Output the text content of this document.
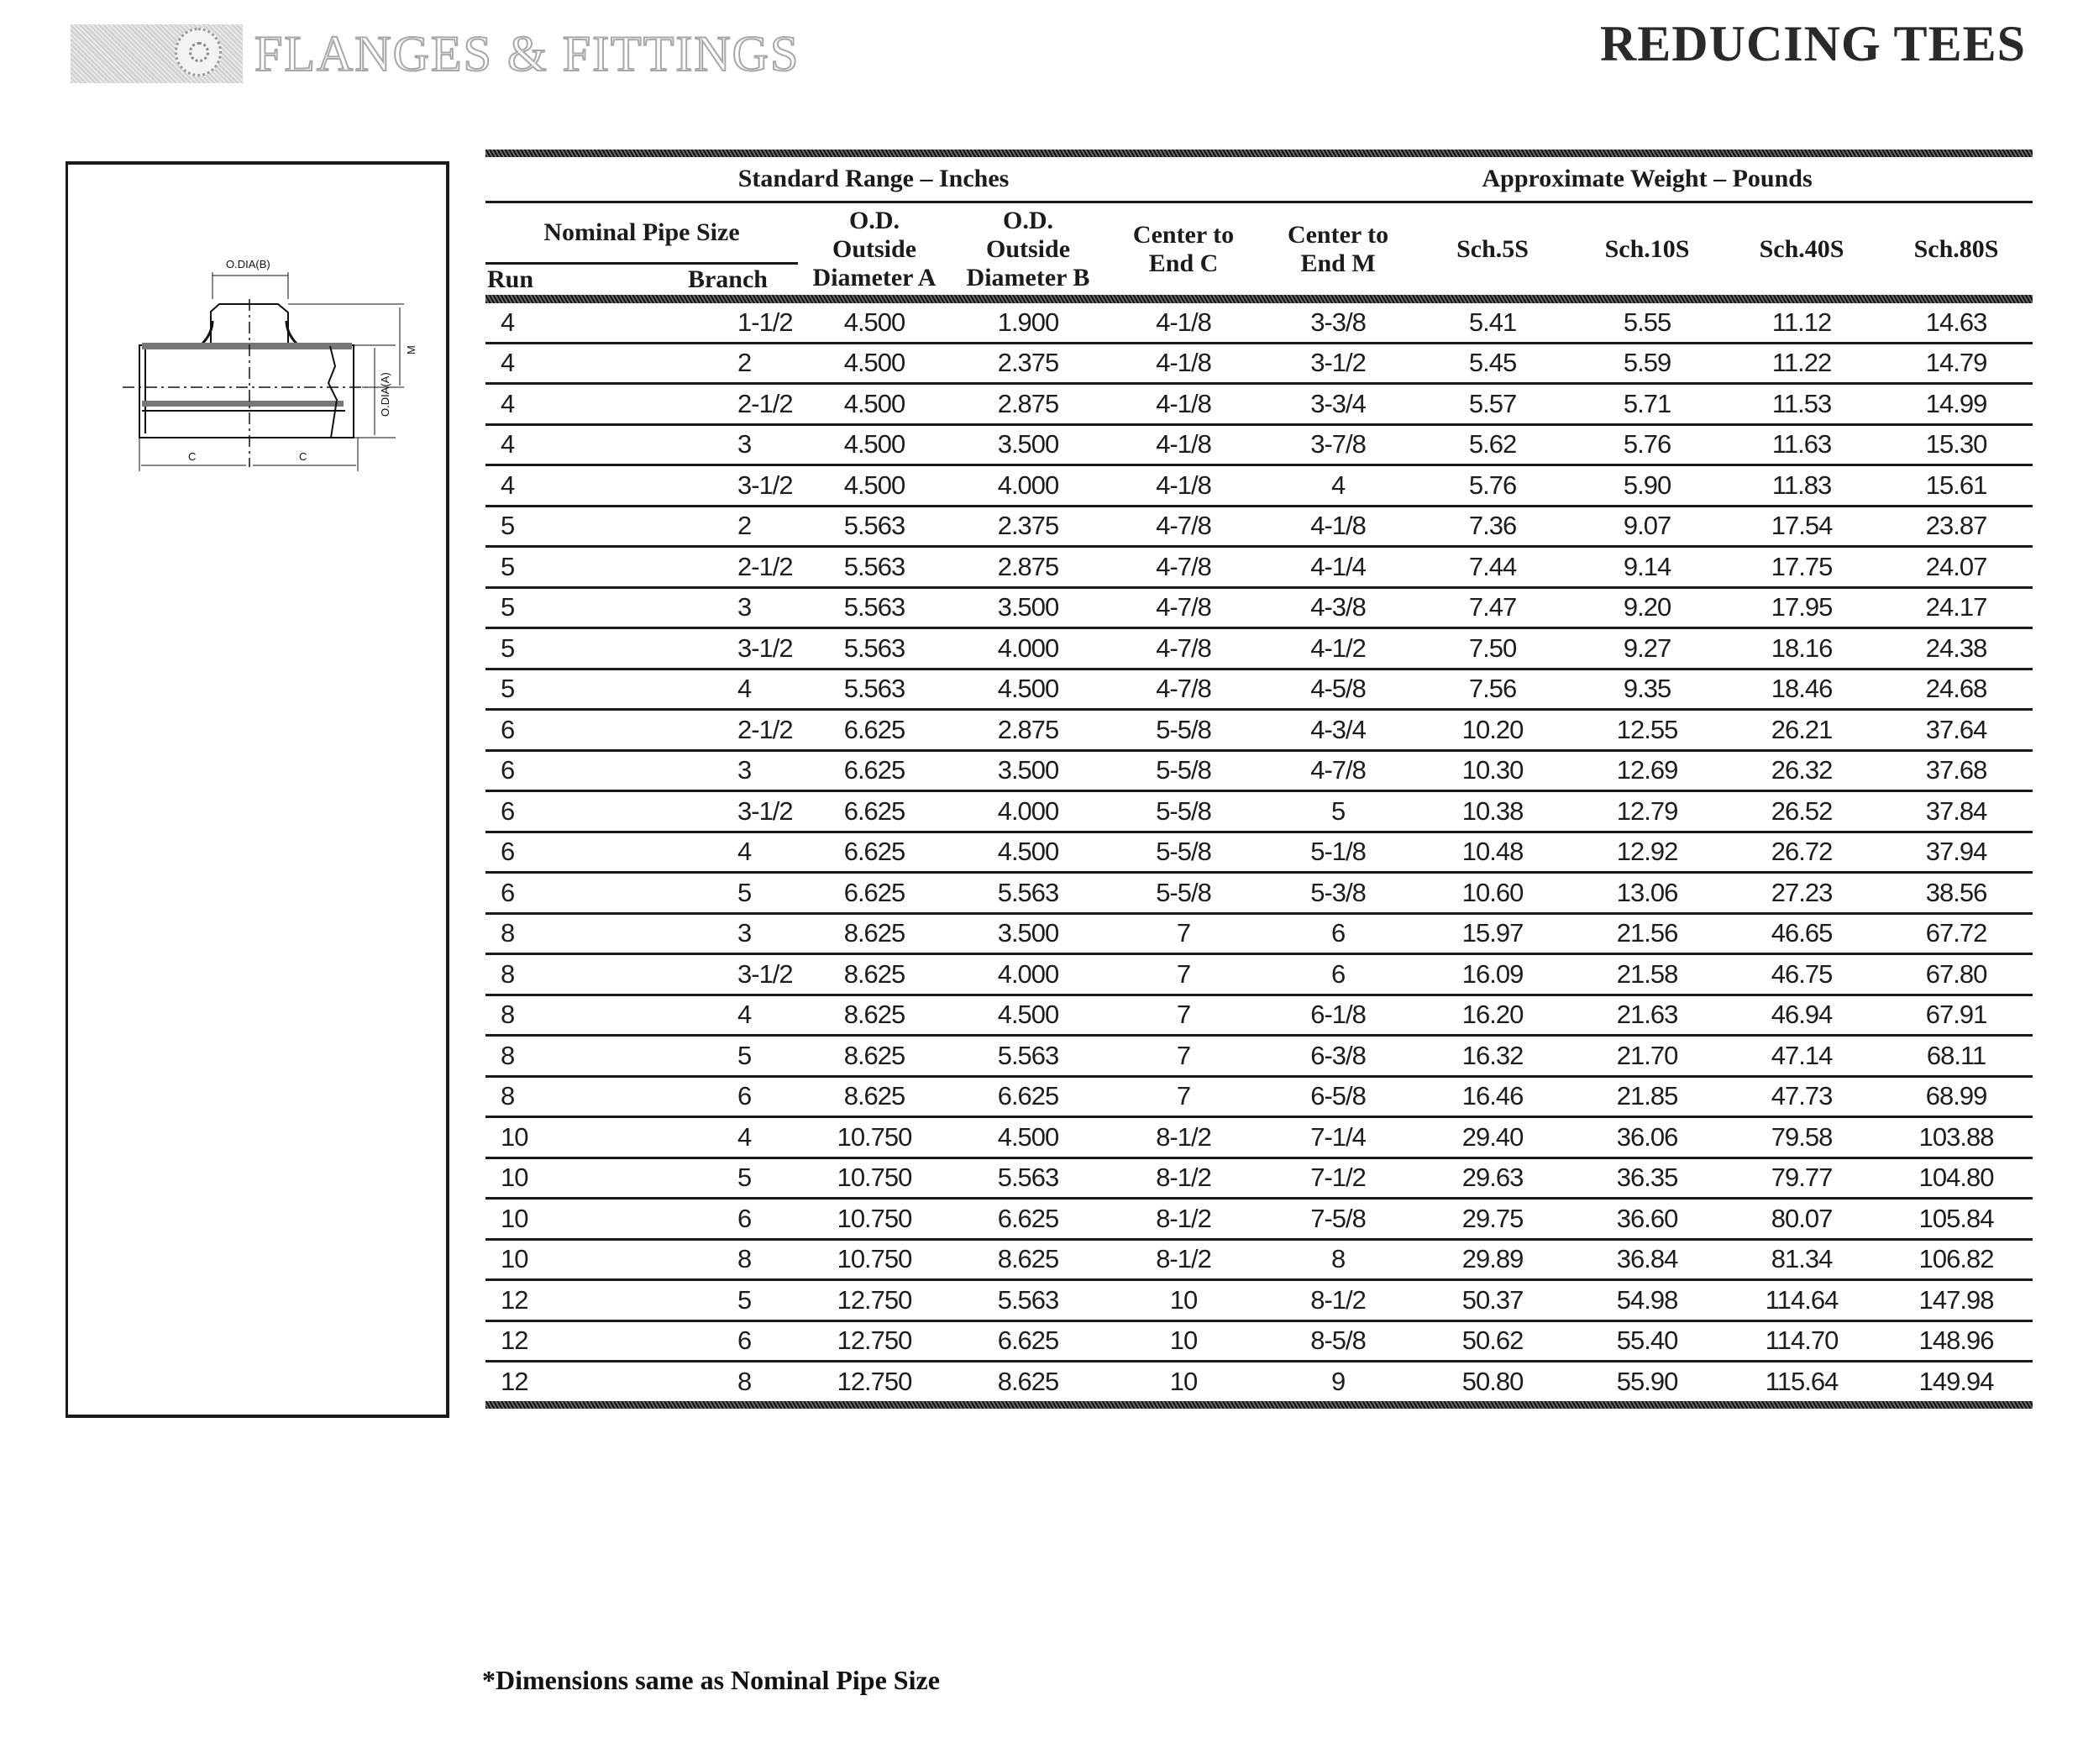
FLANGES & FITTINGS	REDUCING TEES
O.DIA(B)
M
O.DIA(A)
C	C
Standard Range – Inches					Approximate Weight – Pounds				
Nominal Pipe Size	O.D.
Outside
Diameter A

O.D.
Outside
Diameter B

Center to
End C

Center to
End M
	Sch.5S	Sch.10S	Sch.40S	Sch.80S
Run	Branch								

4	1-1/2	4.500	1.900	4-1/8	3-3/8	5.41	5.55	11.12	14.63
4	2	4.500	2.375	4-1/8	3-1/2	5.45	5.59	11.22	14.79
4	2-1/2	4.500	2.875	4-1/8	3-3/4	5.57	5.71	11.53	14.99
4	3	4.500	3.500	4-1/8	3-7/8	5.62	5.76	11.63	15.30
4	3-1/2	4.500	4.000	4-1/8	4	5.76	5.90	11.83	15.61
5	2	5.563	2.375	4-7/8	4-1/8	7.36	9.07	17.54	23.87
5	2-1/2	5.563	2.875	4-7/8	4-1/4	7.44	9.14	17.75	24.07
5	3	5.563	3.500	4-7/8	4-3/8	7.47	9.20	17.95	24.17
5	3-1/2	5.563	4.000	4-7/8	4-1/2	7.50	9.27	18.16	24.38
5	4	5.563	4.500	4-7/8	4-5/8	7.56	9.35	18.46	24.68
6	2-1/2	6.625	2.875	5-5/8	4-3/4	10.20	12.55	26.21	37.64
6	3	6.625	3.500	5-5/8	4-7/8	10.30	12.69	26.32	37.68
6	3-1/2	6.625	4.000	5-5/8	5	10.38	12.79	26.52	37.84
6	4	6.625	4.500	5-5/8	5-1/8	10.48	12.92	26.72	37.94
6	5	6.625	5.563	5-5/8	5-3/8	10.60	13.06	27.23	38.56
8	3	8.625	3.500	7	6	15.97	21.56	46.65	67.72
8	3-1/2	8.625	4.000	7	6	16.09	21.58	46.75	67.80
8	4	8.625	4.500	7	6-1/8	16.20	21.63	46.94	67.91
8	5	8.625	5.563	7	6-3/8	16.32	21.70	47.14	68.11
8	6	8.625	6.625	7	6-5/8	16.46	21.85	47.73	68.99
10	4	10.750	4.500	8-1/2	7-1/4	29.40	36.06	79.58	103.88
10	5	10.750	5.563	8-1/2	7-1/2	29.63	36.35	79.77	104.80
10	6	10.750	6.625	8-1/2	7-5/8	29.75	36.60	80.07	105.84
10	8	10.750	8.625	8-1/2	8	29.89	36.84	81.34	106.82
12	5	12.750	5.563	10	8-1/2	50.37	54.98	114.64	147.98
12	6	12.750	6.625	10	8-5/8	50.62	55.40	114.70	148.96
12	8	12.750	8.625	10	9	50.80	55.90	115.64	149.94
*Dimensions same as Nominal Pipe Size
